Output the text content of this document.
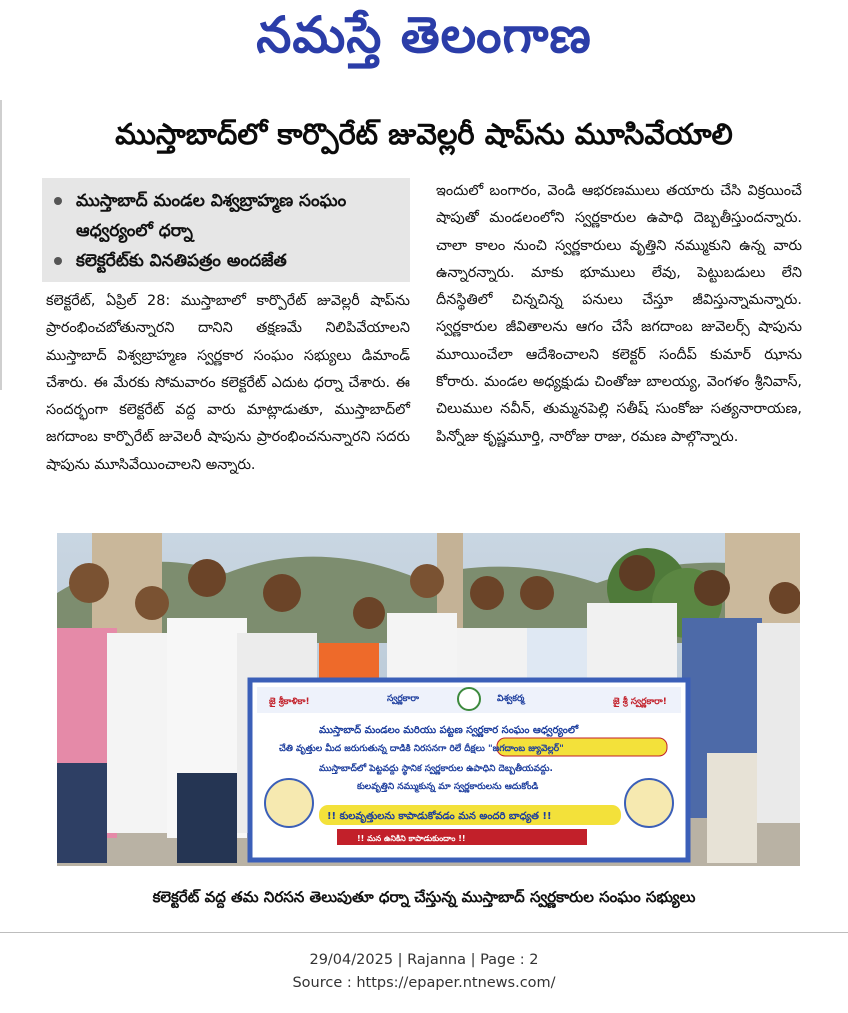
నమస్తే తెలంగాణ
ముస్తాబాద్‌లో కార్పొరేట్ జువెల్లరీ షాప్‌ను మూసివేయాలి
ముస్తాబాద్ మండల విశ్వబ్రాహ్మణ సంఘం ఆధ్వర్యంలో ధర్నా
కలెక్టరేట్‌కు వినతిపత్రం అందజేత
కలెక్టరేట్, ఏప్రిల్ 28: ముస్తాబాలో కార్పొరేట్ జువెల్లరీ షాప్‌ను ప్రారంభించబోతున్నారని దానిని తక్షణమే నిలిపివేయాలని ముస్తాబాద్ విశ్వబ్రాహ్మణ స్వర్ణకార సంఘం సభ్యులు డిమాండ్ చేశారు. ఈ మేరకు సోమవారం కలెక్టరేట్ ఎదుట ధర్నా చేశారు. ఈ సందర్భంగా కలెక్టరేట్ వద్ద వారు మాట్లాడుతూ, ముస్తాబాద్‌లో జగదాంబ కార్పొరేట్ జువెలరీ షాపును ప్రారంభించనున్నారని సదరు షాపును మూసివేయించాలని అన్నారు.
ఇందులో బంగారం, వెండి ఆభరణములు తయారు చేసి విక్రయించే షాపుతో మండలంలోని స్వర్ణకారుల ఉపాధి దెబ్బతీస్తుందన్నారు. చాలా కాలం నుంచి స్వర్ణకారులు వృత్తిని నమ్ముకుని ఉన్న వారు ఉన్నారన్నారు. మాకు భూములు లేవు, పెట్టుబడులు లేని దీనస్థితిలో చిన్నచిన్న పనులు చేస్తూ జీవిస్తున్నామన్నారు. స్వర్ణకారుల జీవితాలను ఆగం చేసే జగదాంబ జువెలర్స్ షాపును మూయించేలా ఆదేశించాలని కలెక్టర్ సందీప్ కుమార్ ఝాను కోరారు. మండల అధ్యక్షుడు చింతోజు బాలయ్య, వెంగళం శ్రీనివాస్, చిలుముల నవీన్, తుమ్మనపెల్లి సతీష్ సుంకోజు సత్యనారాయణ, పిన్నోజు కృష్ణమూర్తి, నారోజు రాజు, రమణ పాల్గొన్నారు.
జై శ్రీకాళికా!	స్వర్ణకారా	విశ్వకర్మ	జై శ్రీ స్వర్ణకారా!
ముస్తాబాద్ మండలం మరియు పట్టణ స్వర్ణకార సంఘం ఆధ్వర్యంలో
చేతి వృత్తుల మీద జరుగుతున్న దాడికి నిరసనగా రిలే దీక్షలు "జగదాంబ జ్యువెల్లర్"
ముస్తాబాద్‌లో పెట్టవద్దు స్థానిక స్వర్ణకారుల ఉపాధిని దెబ్బతీయవద్దు.
కులవృత్తిని నమ్ముకున్న మా స్వర్ణకారులను ఆదుకోండి
!! కులవృత్తులను కాపాడుకోవడం మన అందరి బాధ్యత !!
!! మన ఉనికిని కాపాడుకుందాం !!
కలెక్టరేట్ వద్ద తమ నిరసన తెలుపుతూ ధర్నా చేస్తున్న ముస్తాబాద్ స్వర్ణకారుల సంఘం సభ్యులు
29/04/2025 | Rajanna | Page : 2
Source : https://epaper.ntnews.com/
